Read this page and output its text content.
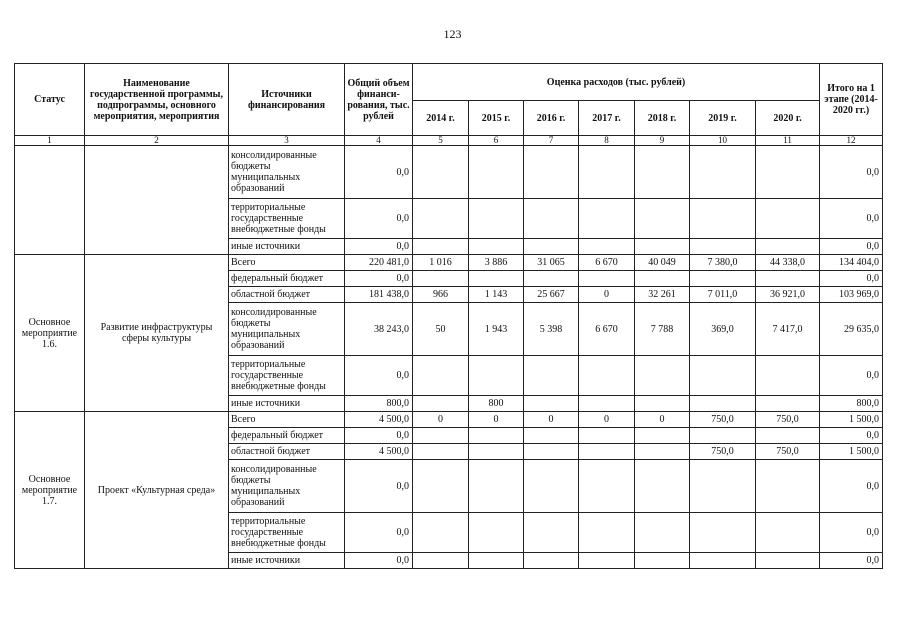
123
Статус	Наименование государственной программы, подпрограммы, основного мероприятия, мероприятия	Источники финансирования	Общий объем финанси-рования, тыс. рублей	Оценка расходов (тыс. рублей)							Итого на 1 этапе (2014-2020 гг.)
				2014 г.	2015 г.	2016 г.	2017 г.	2018 г.	2019 г.	2020 г.	
1	2	3	4	5	6	7	8	9	10	11	12
		консолидированные бюджеты муниципальных образований	0,0								0,0
		территориальные государственные внебюджетные фонды	0,0								0,0
		иные источники	0,0								0,0
Основное мероприятие 1.6.	Развитие инфраструктуры сферы культуры	Всего	220 481,0	1 016	3 886	31 065	6 670	40 049	7 380,0	44 338,0	134 404,0
		федеральный бюджет	0,0								0,0
		областной бюджет	181 438,0	966	1 143	25 667	0	32 261	7 011,0	36 921,0	103 969,0
		консолидированные бюджеты муниципальных образований	38 243,0	50	1 943	5 398	6 670	7 788	369,0	7 417,0	29 635,0
		территориальные государственные внебюджетные фонды	0,0								0,0
		иные источники	800,0		800						800,0
Основное мероприятие 1.7.	Проект «Культурная среда»	Всего	4 500,0	0	0	0	0	0	750,0	750,0	1 500,0
		федеральный бюджет	0,0								0,0
		областной бюджет	4 500,0						750,0	750,0	1 500,0
		консолидированные бюджеты муниципальных образований	0,0								0,0
		территориальные государственные внебюджетные фонды	0,0								0,0
		иные источники	0,0								0,0
